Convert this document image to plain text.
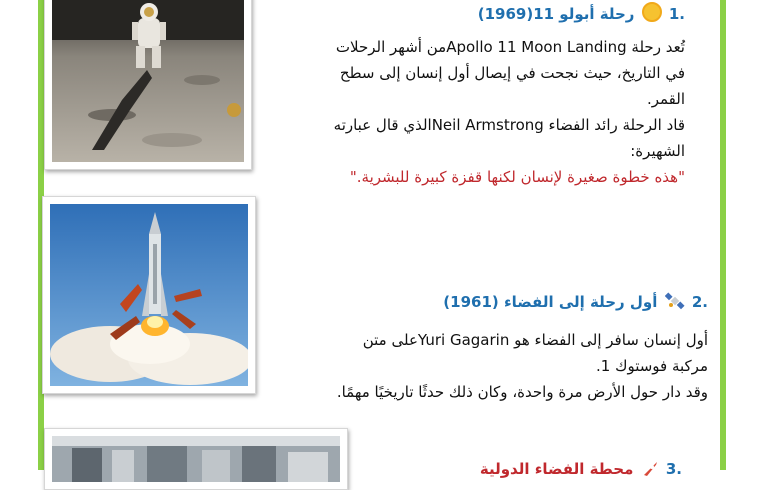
.1  رحلة أبولو 11(1969)
تُعد رحلة Apollo 11 Moon Landingمن أشهر الرحلات
في التاريخ، حيث نجحت في إيصال أول إنسان إلى سطح
القمر.
قاد الرحلة رائد الفضاء Neil Armstrongالذي قال عبارته
الشهيرة:
"هذه خطوة صغيرة لإنسان لكنها قفزة كبيرة للبشرية."
.2  أول رحلة إلى الفضاء (1961)
أول إنسان سافر إلى الفضاء هو Yuri Gagarinعلى متن
مركبة فوستوك 1.
وقد دار حول الأرض مرة واحدة، وكان ذلك حدثًا تاريخيًا مهمًا.
.3  محطة الفضاء الدولية
